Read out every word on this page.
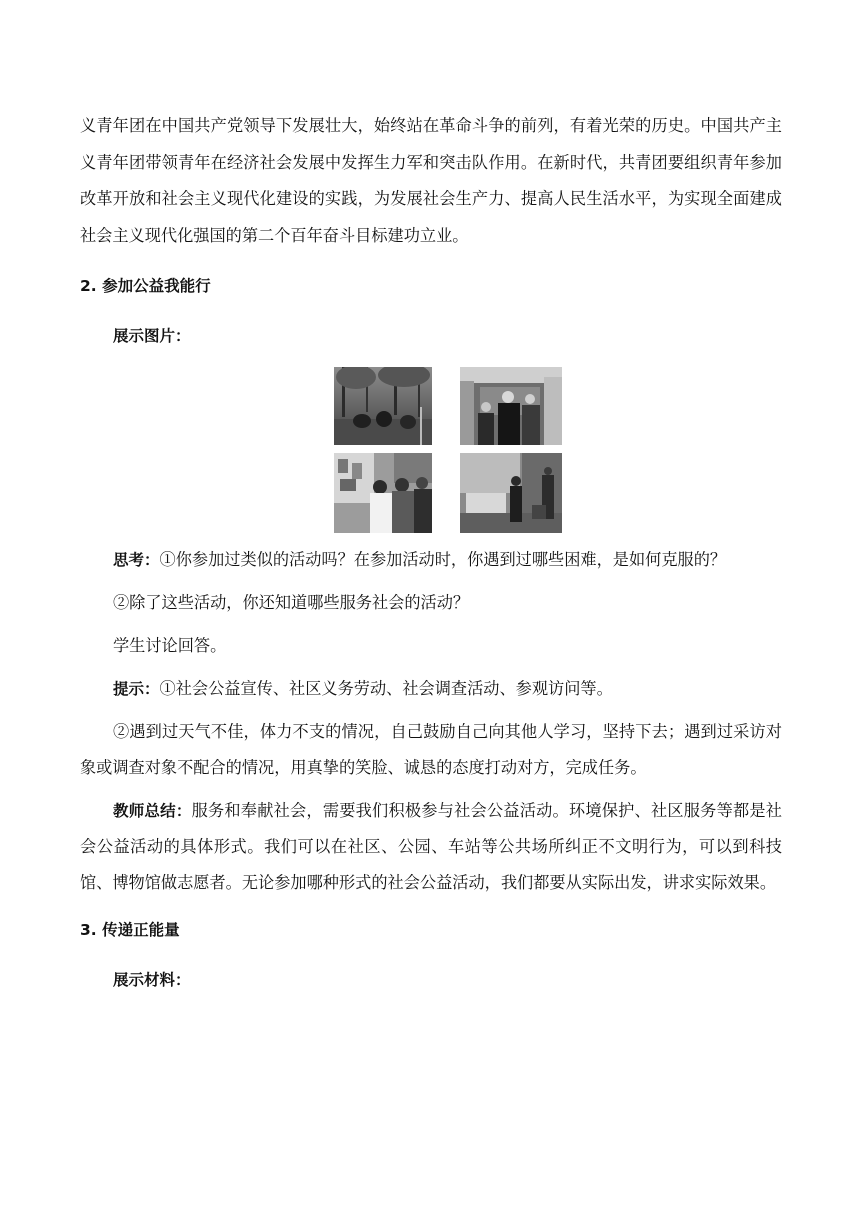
义青年团在中国共产党领导下发展壮大，始终站在革命斗争的前列，有着光荣的历史。中国共产主义青年团带领青年在经济社会发展中发挥生力军和突击队作用。在新时代，共青团要组织青年参加改革开放和社会主义现代化建设的实践，为发展社会生产力、提高人民生活水平，为实现全面建成社会主义现代化强国的第二个百年奋斗目标建功立业。

2. 参加公益我能行

展示图片：

思考：①你参加过类似的活动吗？在参加活动时，你遇到过哪些困难，是如何克服的？

②除了这些活动，你还知道哪些服务社会的活动？

学生讨论回答。

提示：①社会公益宣传、社区义务劳动、社会调查活动、参观访问等。

②遇到过天气不佳，体力不支的情况，自己鼓励自己向其他人学习，坚持下去；遇到过采访对象或调查对象不配合的情况，用真挚的笑脸、诚恳的态度打动对方，完成任务。

教师总结：服务和奉献社会，需要我们积极参与社会公益活动。环境保护、社区服务等都是社会公益活动的具体形式。我们可以在社区、公园、车站等公共场所纠正不文明行为，可以到科技馆、博物馆做志愿者。无论参加哪种形式的社会公益活动，我们都要从实际出发，讲求实际效果。

3. 传递正能量

展示材料：
